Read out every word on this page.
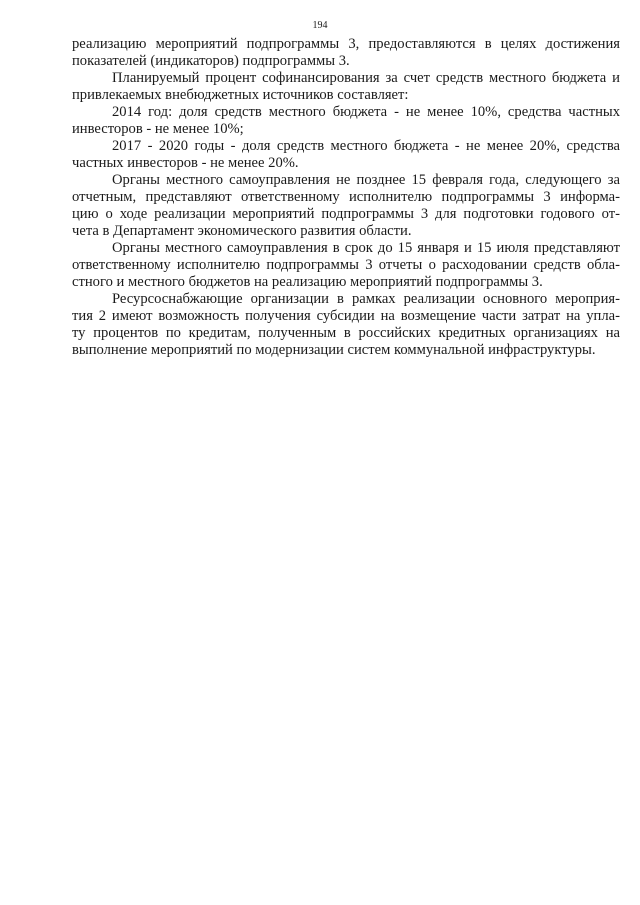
194
реализацию мероприятий подпрограммы 3, предоставляются в целях достижения
показателей (индикаторов) подпрограммы 3.
Планируемый процент софинансирования за счет средств местного бюджета и
привлекаемых внебюджетных источников составляет:
2014 год: доля средств местного бюджета - не менее 10%, средства частных
инвесторов - не менее 10%;
2017 - 2020 годы - доля средств местного бюджета - не менее 20%, средства
частных инвесторов - не менее 20%.
Органы местного самоуправления не позднее 15 февраля года, следующего за
отчетным, представляют ответственному исполнителю подпрограммы 3 информа-
цию о ходе реализации мероприятий подпрограммы 3 для подготовки годового от-
чета в Департамент экономического развития области.
Органы местного самоуправления в срок до 15 января и 15 июля представляют
ответственному исполнителю подпрограммы 3 отчеты о расходовании средств обла-
стного и местного бюджетов на реализацию мероприятий подпрограммы 3.
Ресурсоснабжающие организации в рамках реализации основного мероприя-
тия 2 имеют возможность получения субсидии на возмещение части затрат на упла-
ту процентов по кредитам, полученным в российских кредитных организациях на
выполнение мероприятий по модернизации систем коммунальной инфраструктуры.
